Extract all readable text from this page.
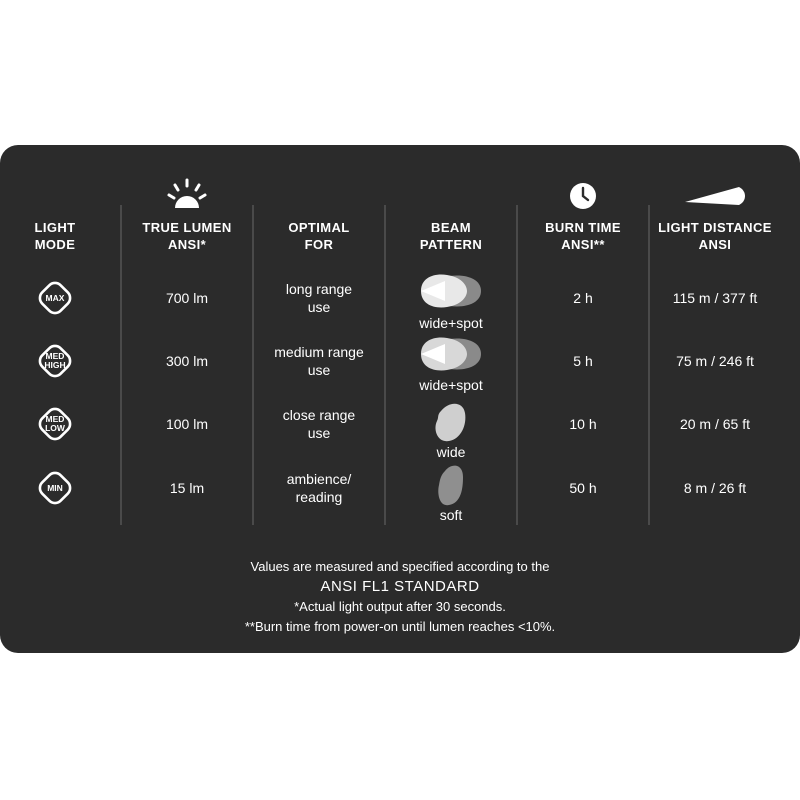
LIGHT
MODE
MAX
MED
HIGH
MED
LOW
MIN
TRUE LUMEN
ANSI*
700 lm
300 lm
100 lm
15 lm
OPTIMAL
FOR
long range
use
medium range
use
close range
use
ambience/
reading
BEAM
PATTERN
wide+spot
wide+spot
wide
soft
BURN TIME
ANSI**
2 h
5 h
10 h
50 h
LIGHT DISTANCE
ANSI
115 m / 377 ft
75 m / 246 ft
20 m / 65 ft
8 m / 26 ft
Values are measured and specified according to the
ANSI FL1 STANDARD
*Actual light output after 30 seconds.
**Burn time from power-on until lumen reaches <10%.
